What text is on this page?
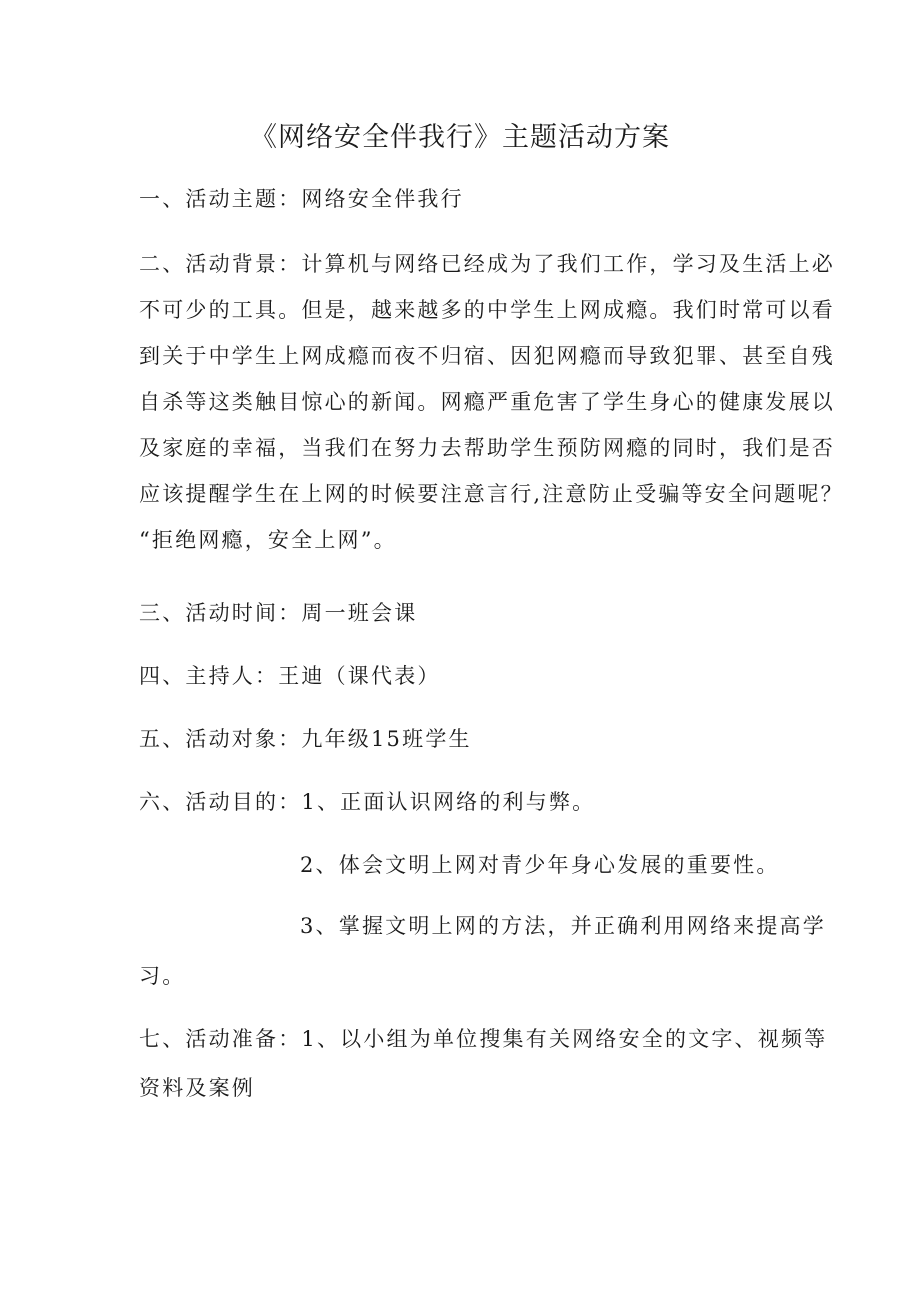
《网络安全伴我行》主题活动方案
一、活动主题：网络安全伴我行
二、活动背景：计算机与网络已经成为了我们工作，学习及生活上必
不可少的工具。但是，越来越多的中学生上网成瘾。我们时常可以看
到关于中学生上网成瘾而夜不归宿、因犯网瘾而导致犯罪、甚至自残
自杀等这类触目惊心的新闻。网瘾严重危害了学生身心的健康发展以
及家庭的幸福，当我们在努力去帮助学生预防网瘾的同时，我们是否
应该提醒学生在上网的时候要注意言行,注意防止受骗等安全问题呢？
“拒绝网瘾，安全上网”。
三、活动时间：周一班会课
四、主持人：王迪（课代表）
五、活动对象：九年级15班学生
六、活动目的：1、正面认识网络的利与弊。
2、体会文明上网对青少年身心发展的重要性。
3、掌握文明上网的方法，并正确利用网络来提高学
习。
七、活动准备：1、以小组为单位搜集有关网络安全的文字、视频等
资料及案例
